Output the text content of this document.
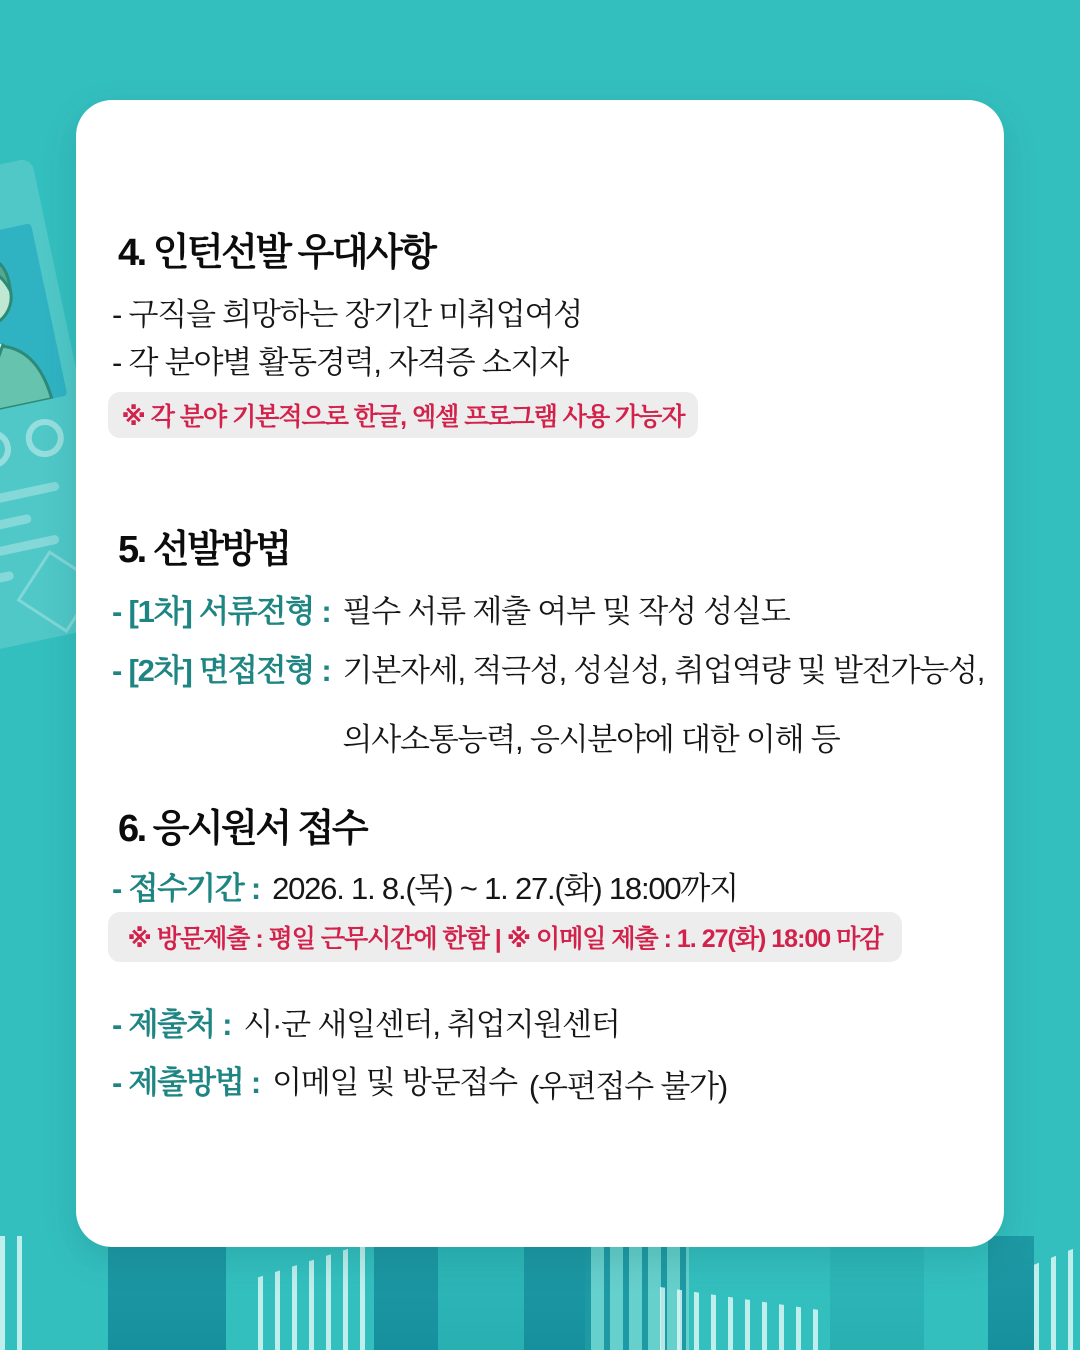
4. 인턴선발 우대사항
- 구직을 희망하는 장기간 미취업여성
- 각 분야별 활동경력, 자격증 소지자
※ 각 분야 기본적으로 한글, 엑셀 프로그램 사용 가능자
5. 선발방법
- [1차] 서류전형 : 필수 서류 제출 여부 및 작성 성실도
- [2차] 면접전형 : 기본자세, 적극성, 성실성, 취업역량 및 발전가능성,
의사소통능력, 응시분야에 대한 이해 등
6. 응시원서 접수
- 접수기간 : 2026. 1. 8.(목) ~ 1. 27.(화) 18:00까지
※ 방문제출 : 평일 근무시간에 한함 | ※ 이메일 제출 : 1. 27(화) 18:00 마감
- 제출처 : 시·군 새일센터, 취업지원센터
- 제출방법 : 이메일 및 방문접수 (우편접수 불가)
